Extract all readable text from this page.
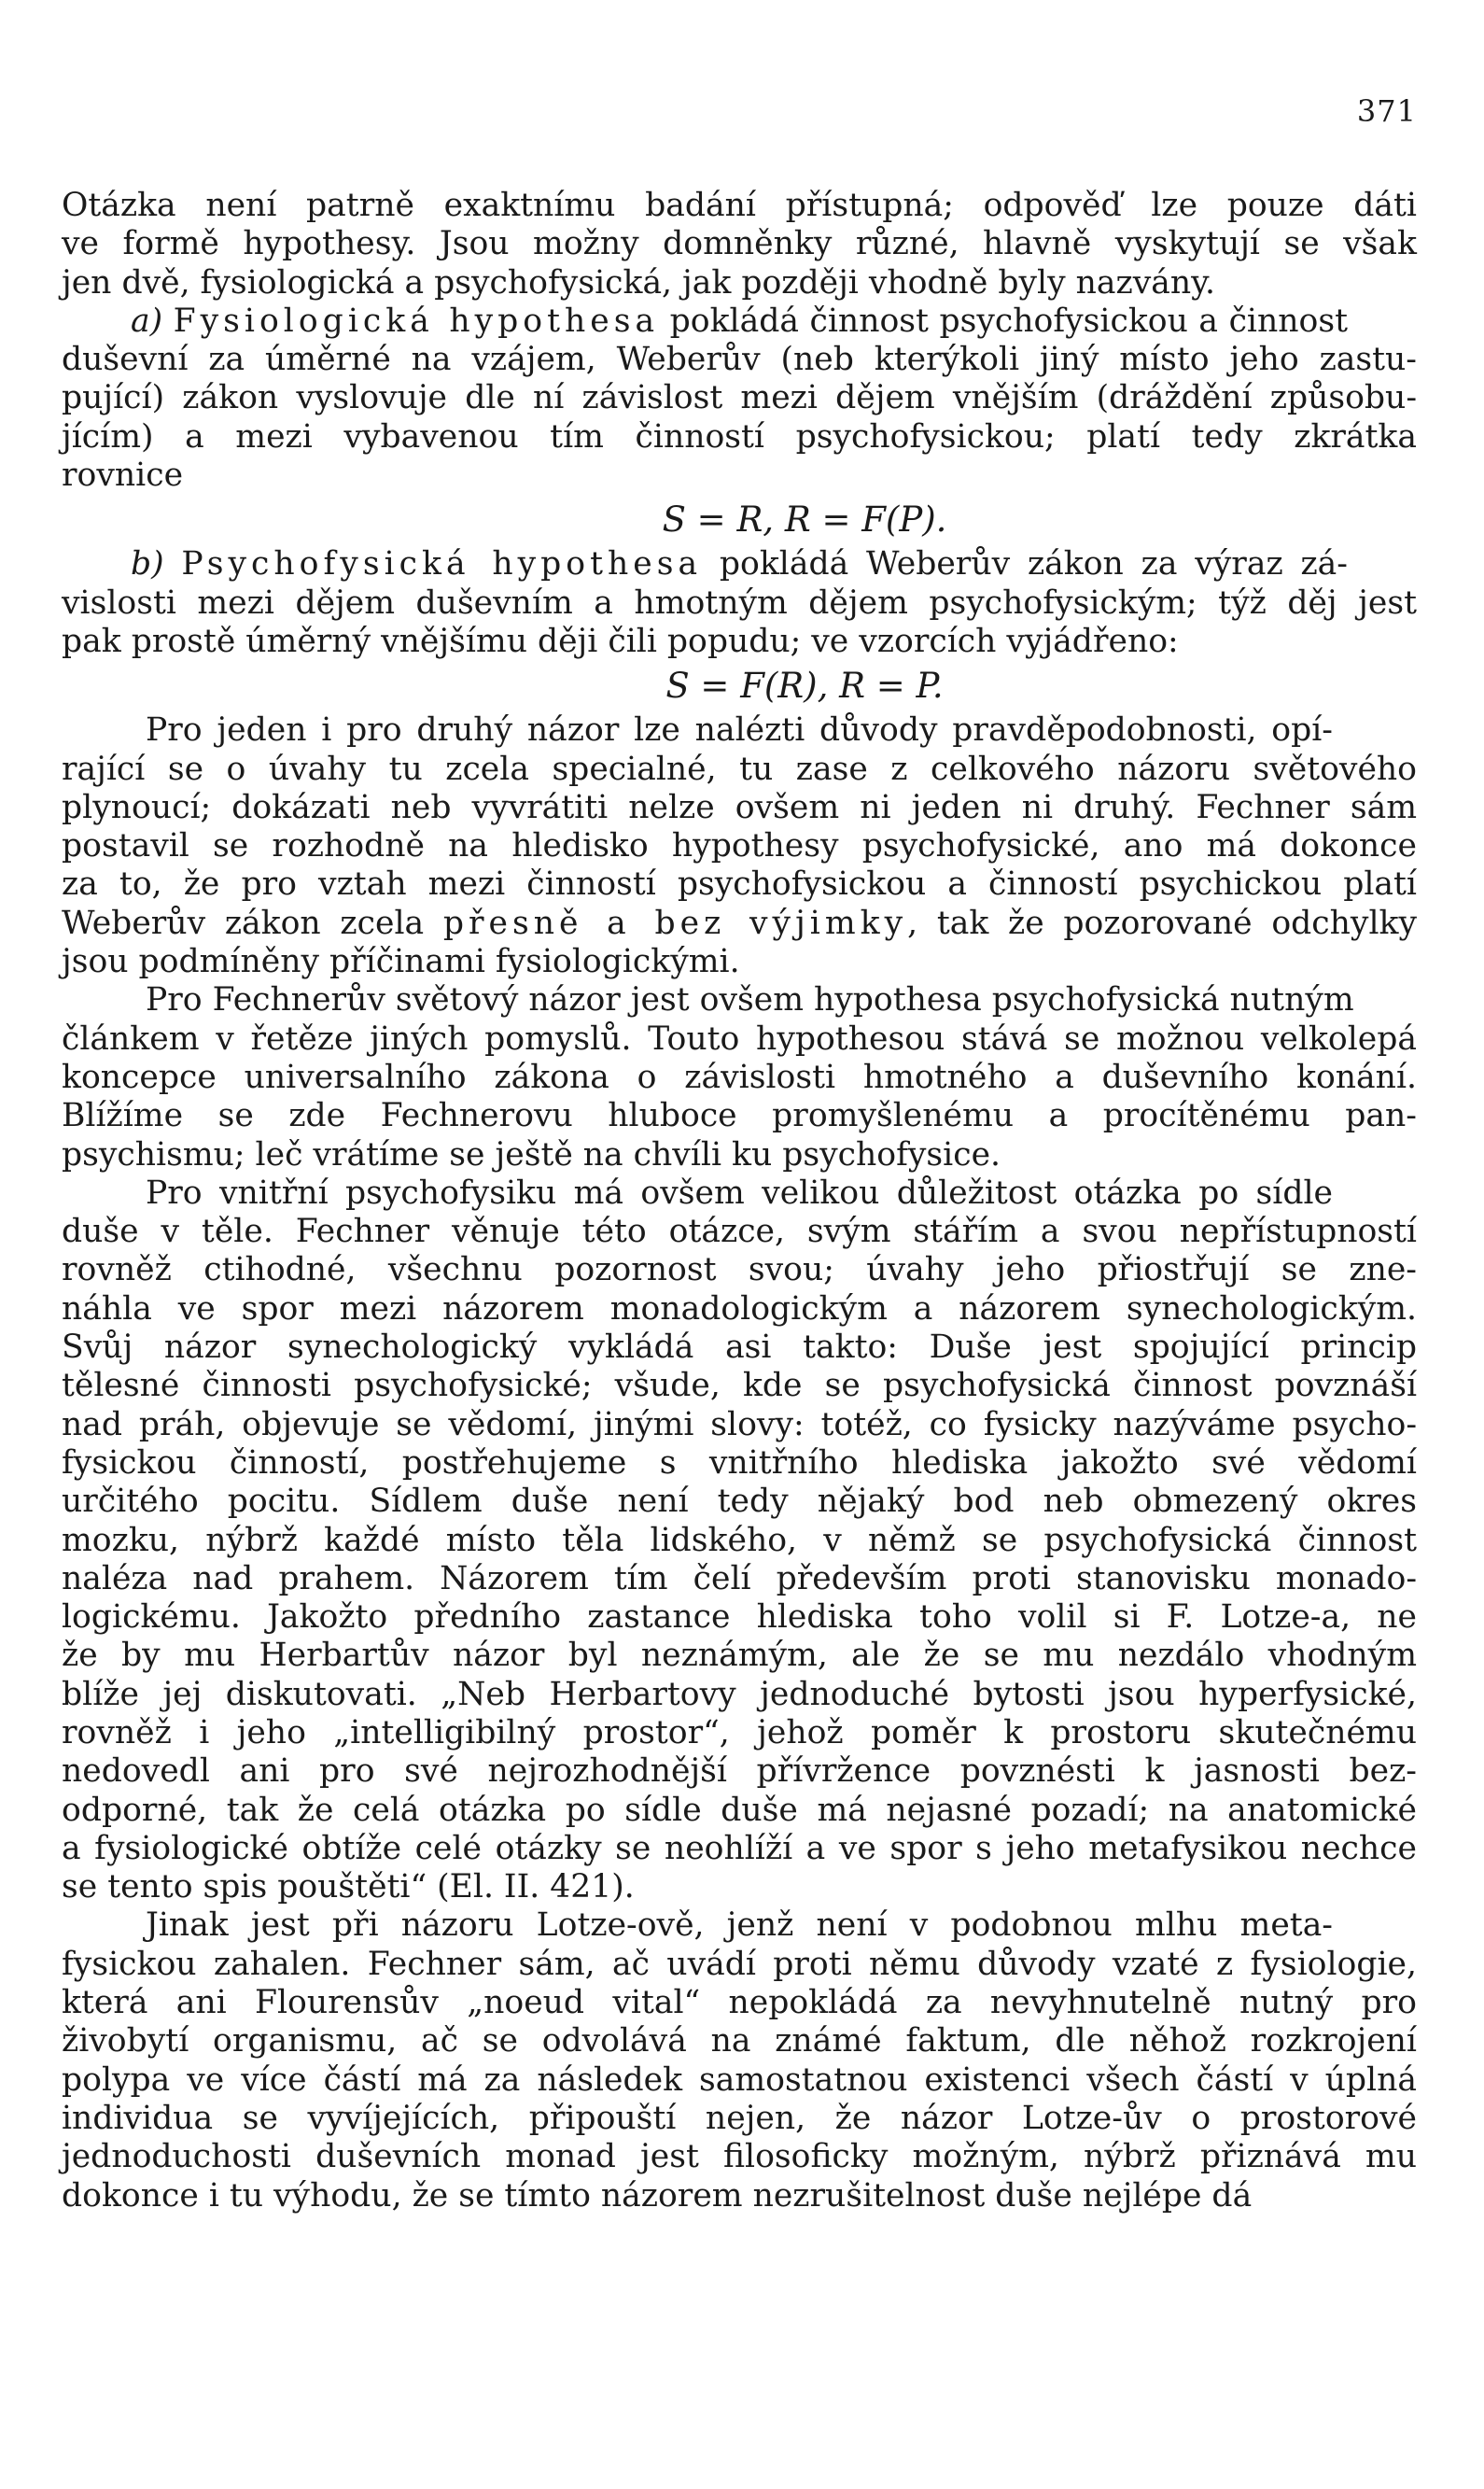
371
Otázka není patrně exaktnímu badání přístupná; odpověď lze pouze dáti
ve formě hypothesy. Jsou možny domněnky různé, hlavně vyskytují se však
jen dvě, fysiologická a psychofysická, jak později vhodně byly nazvány.
a) Fysiologická hypothesa pokládá činnost psychofysickou a činnost
duševní za úměrné na vzájem, Weberův (neb kterýkoli jiný místo jeho zastu-
pující) zákon vyslovuje dle ní závislost mezi dějem vnějším (dráždění způsobu-
jícím) a mezi vybavenou tím činností psychofysickou; platí tedy zkrátka
rovnice
S = R, R = F(P).
b) Psychofysická hypothesa pokládá Weberův zákon za výraz zá-
vislosti mezi dějem duševním a hmotným dějem psychofysickým; týž děj jest
pak prostě úměrný vnějšímu ději čili popudu; ve vzorcích vyjádřeno:
S = F(R), R = P.
Pro jeden i pro druhý názor lze nalézti důvody pravděpodobnosti, opí-
rající se o úvahy tu zcela specialné, tu zase z celkového názoru světového
plynoucí; dokázati neb vyvrátiti nelze ovšem ni jeden ni druhý. Fechner sám
postavil se rozhodně na hledisko hypothesy psychofysické, ano má dokonce
za to, že pro vztah mezi činností psychofysickou a činností psychickou platí
Weberův zákon zcela přesně a bez výjimky, tak že pozorované odchylky
jsou podmíněny příčinami fysiologickými.
Pro Fechnerův světový názor jest ovšem hypothesa psychofysická nutným
článkem v řetěze jiných pomyslů. Touto hypothesou stává se možnou velkolepá
koncepce universalního zákona o závislosti hmotného a duševního konání.
Blížíme se zde Fechnerovu hluboce promyšlenému a procítěnému pan-
psychismu; leč vrátíme se ještě na chvíli ku psychofysice.
Pro vnitřní psychofysiku má ovšem velikou důležitost otázka po sídle
duše v těle. Fechner věnuje této otázce, svým stářím a svou nepřístupností
rovněž ctihodné, všechnu pozornost svou; úvahy jeho přiostřují se zne-
náhla ve spor mezi názorem monadologickým a názorem synechologickým.
Svůj názor synechologický vykládá asi takto: Duše jest spojující princip
tělesné činnosti psychofysické; všude, kde se psychofysická činnost povznáší
nad práh, objevuje se vědomí, jinými slovy: totéž, co fysicky nazýváme psycho-
fysickou činností, postřehujeme s vnitřního hlediska jakožto své vědomí
určitého pocitu. Sídlem duše není tedy nějaký bod neb obmezený okres
mozku, nýbrž každé místo těla lidského, v němž se psychofysická činnost
naléza nad prahem. Názorem tím čelí především proti stanovisku monado-
logickému. Jakožto předního zastance hlediska toho volil si F. Lotze-a, ne
že by mu Herbartův názor byl neznámým, ale že se mu nezdálo vhodným
blíže jej diskutovati. „Neb Herbartovy jednoduché bytosti jsou hyperfysické,
rovněž i jeho „intelligibilný prostor“, jehož poměr k prostoru skutečnému
nedovedl ani pro své nejrozhodnější přívržence povznésti k jasnosti bez-
odporné, tak že celá otázka po sídle duše má nejasné pozadí; na anatomické
a fysiologické obtíže celé otázky se neohlíží a ve spor s jeho metafysikou nechce
se tento spis pouštěti“ (El. II. 421).
Jinak jest při názoru Lotze-ově, jenž není v podobnou mlhu meta-
fysickou zahalen. Fechner sám, ač uvádí proti němu důvody vzaté z fysiologie,
která ani Flourensův „noeud vital“ nepokládá za nevyhnutelně nutný pro
živobytí organismu, ač se odvolává na známé faktum, dle něhož rozkrojení
polypa ve více částí má za následek samostatnou existenci všech částí v úplná
individua se vyvíjejících, připouští nejen, že názor Lotze-ův o prostorové
jednoduchosti duševních monad jest filosoficky možným, nýbrž přiznává mu
dokonce i tu výhodu, že se tímto názorem nezrušitelnost duše nejlépe dá
